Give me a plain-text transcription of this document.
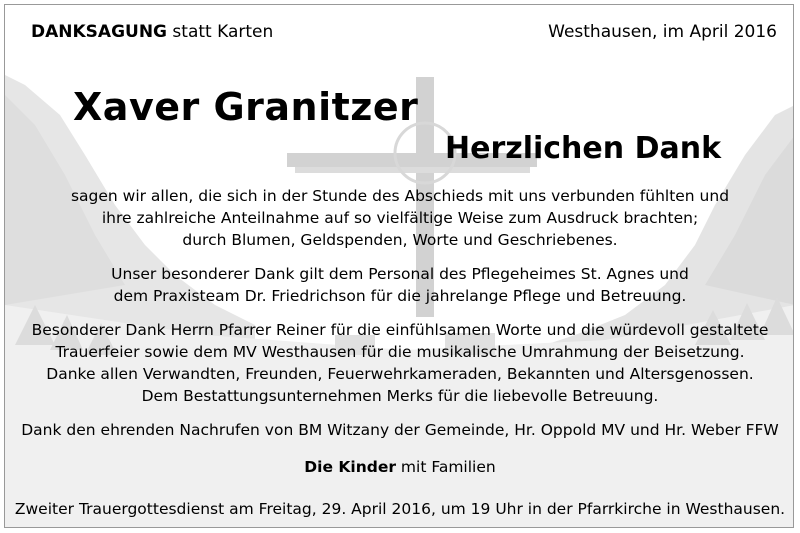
DANKSAGUNG statt Karten	Westhausen, im April 2016
Xaver Granitzer
Herzlichen Dank
sagen wir allen, die sich in der Stunde des Abschieds mit uns verbunden fühlten und
ihre zahlreiche Anteilnahme auf so vielfältige Weise zum Ausdruck brachten;
durch Blumen, Geldspenden, Worte und Geschriebenes.
Unser besonderer Dank gilt dem Personal des Pflegeheimes St. Agnes und
dem Praxisteam Dr. Friedrichson für die jahrelange Pflege und Betreuung.
Besonderer Dank Herrn Pfarrer Reiner für die einfühlsamen Worte und die würdevoll gestaltete
Trauerfeier sowie dem MV Westhausen für die musikalische Umrahmung der Beisetzung.
Danke allen Verwandten, Freunden, Feuerwehrkameraden, Bekannten und Altersgenossen.
Dem Bestattungsunternehmen Merks für die liebevolle Betreuung.
Dank den ehrenden Nachrufen von BM Witzany der Gemeinde, Hr. Oppold MV und Hr. Weber FFW
Die Kinder mit Familien
Zweiter Trauergottesdienst am Freitag, 29. April 2016, um 19 Uhr in der Pfarrkirche in Westhausen.
